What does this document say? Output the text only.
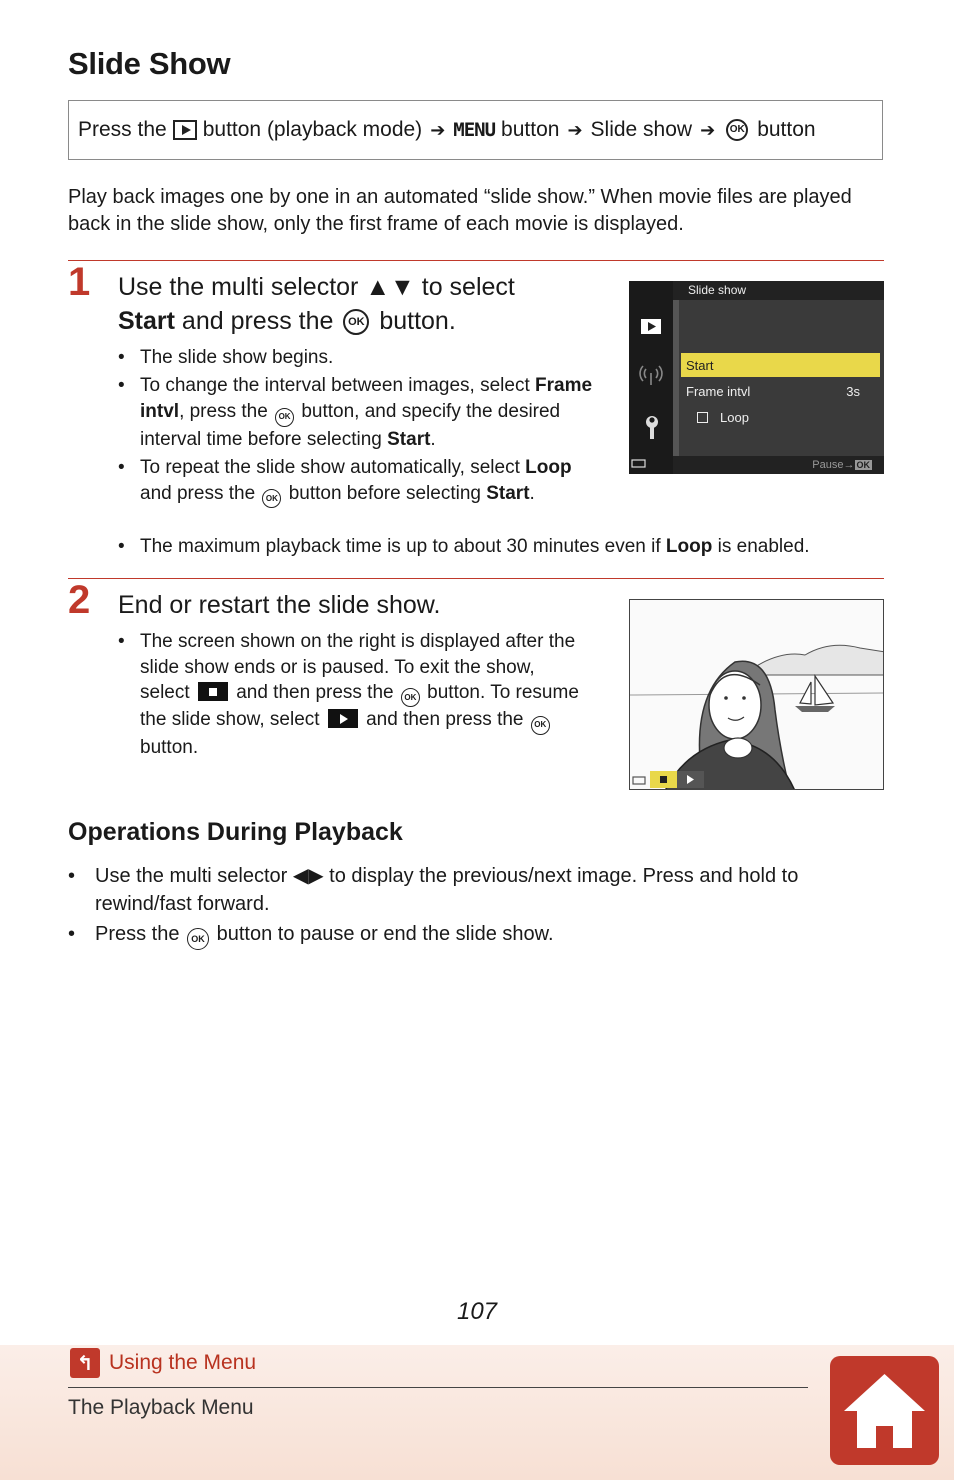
Slide Show
Press the button (playback mode) ➔ MENU button ➔ Slide show ➔	OK button
Play back images one by one in an automated “slide show.” When movie files are played back in the slide show, only the first frame of each movie is displayed.
1 Use the multi selector ▲▼ to select
Start and press the OK button.
• The slide show begins.
• To change the interval between images, select Frame intvl, press the OK button, and specify the desired interval time before selecting Start.
• To repeat the slide show automatically, select Loop and press the OK button before selecting Start.
• The maximum playback time is up to about 30 minutes even if Loop is enabled.
Slide show
Start
Frame intvl	3s
Loop
Pause→ OK
2 End or restart the slide show.
• The screen shown on the right is displayed after the slide show ends or is paused. To exit the show, select and then press the OK button. To resume the slide show, select and then press the OK button.
Operations During Playback
• Use the multi selector ◀▶ to display the previous/next image. Press and hold to rewind/fast forward.
• Press the OK button to pause or end the slide show.
107
↰ Using the Menu
The Playback Menu
